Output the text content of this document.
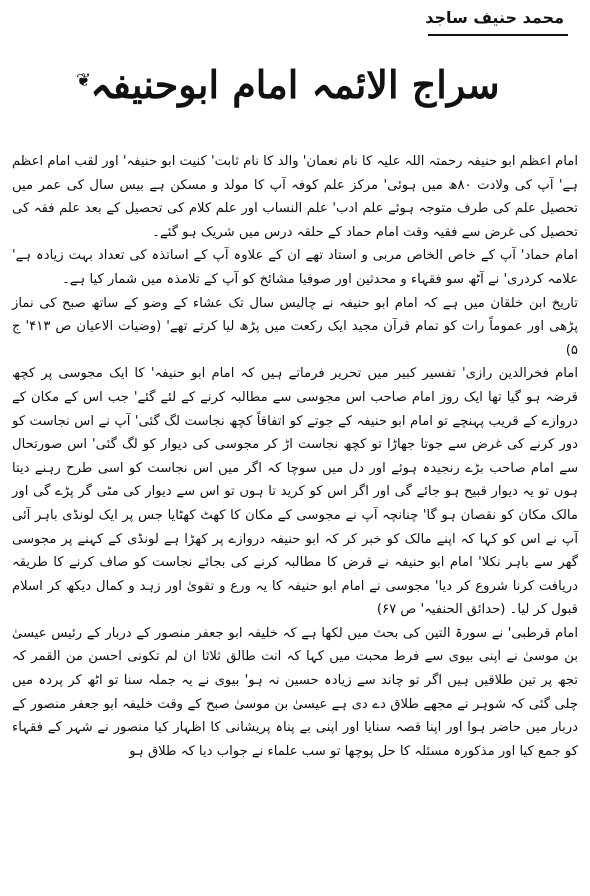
محمد حنیف ساجد
❦ سراج الائمہ امام ابوحنیفہ

امام اعظم ابو حنیفہ رحمتہ اللہ علیہ کا نام نعمان' والد کا نام ثابت' کنیت ابو حنیفہ' اور لقب امام اعظم ہے' آپ کی ولادت ۸۰ھ میں ہوئی' مرکز علم کوفہ آپ کا مولد و مسکن ہے بیس سال کی عمر میں تحصیل علم کی طرف متوجہ ہوئے علم ادب' علم النساب اور علم کلام کی تحصیل کے بعد علم فقہ کی تحصیل کی غرض سے فقیہ وقت امام حماد کے حلقہ درس میں شریک ہو گئے۔

امام حماد' آپ کے خاص الخاص مربی و استاد تھے ان کے علاوہ آپ کے اساتذہ کی تعداد بہت زیادہ ہے' علامہ کردری' نے آٹھ سو فقہاء و محدثین اور صوفیا مشائخ کو آپ کے تلامذہ میں شمار کیا ہے۔

تاریخ ابن خلقان میں ہے کہ امام ابو حنیفہ نے چالیس سال تک عشاء کے وضو کے ساتھ صبح کی نماز پڑھی اور عموماً رات کو تمام قرآن مجید ایک رکعت میں پڑھ لیا کرتے تھے' (وضیات الاعیان ص ۴۱۳' ج ۵)

امام فخرالدین رازی' تفسیر کبیر میں تحریر فرماتے ہیں کہ امام ابو حنیفہ' کا ایک مجوسی پر کچھ قرضہ ہو گیا تھا ایک روز امام صاحب اس مجوسی سے مطالبہ کرنے کے لئے گئے' جب اس کے مکان کے دروازے کے قریب پہنچے تو امام ابو حنیفہ کے جوتے کو اتفاقاً کچھ نجاست لگ گئی' آپ نے اس نجاست کو دور کرنے کی غرض سے جوتا جھاڑا تو کچھ نجاست اڑ کر مجوسی کی دیوار کو لگ گئی' اس صورتحال سے امام صاحب بڑے رنجیدہ ہوئے اور دل میں سوچا کہ اگر میں اس نجاست کو اسی طرح رہنے دیتا ہوں تو یہ دیوار قبیح ہو جائے گی اور اگر اس کو کرید تا ہوں تو اس سے دیوار کی مٹی گر پڑے گی اور مالک مکان کو نقصان ہو گا' چنانچہ آپ نے مجوسی کے مکان کا کھٹ کھٹایا جس پر ایک لونڈی باہر آئی آپ نے اس کو کہا کہ اپنے مالک کو خبر کر کہ ابو حنیفہ دروازے پر کھڑا ہے لونڈی کے کہنے پر مجوسی گھر سے باہر نکلا' امام ابو حنیفہ نے قرض کا مطالبہ کرنے کی بجائے نجاست کو صاف کرنے کا طریقہ دریافت کرنا شروع کر دیا' مجوسی نے امام ابو حنیفہ کا یہ ورع و تقویٰ اور زہد و کمال دیکھ کر اسلام قبول کر لیا۔ (حدائق الحنفیہ' ص ۶۷)

امام قرطبی' نے سورۃ التین کی بحث میں لکھا ہے کہ خلیفہ ابو جعفر منصور کے دربار کے رئیس عیسیٰ بن موسیٰ نے اپنی بیوی سے فرط محبت میں کہا کہ انت طالق ثلاثا ان لم تکونی احسن من القمر کہ تجھ پر تین طلاقیں ہیں اگر تو چاند سے زیادہ حسین نہ ہو' بیوی نے یہ جملہ سنا تو اٹھ کر پردہ میں چلی گئی کہ شوہر نے مجھے طلاق دے دی ہے عیسیٰ بن موسیٰ صبح کے وقت خلیفہ ابو جعفر منصور کے دربار میں حاضر ہوا اور اپنا قصہ سنایا اور اپنی بے پناہ پریشانی کا اظہار کیا منصور نے شہر کے فقہاء کو جمع کیا اور مذکورہ مسئلہ کا حل پوچھا تو سب علماء نے جواب دیا کہ طلاق ہو
